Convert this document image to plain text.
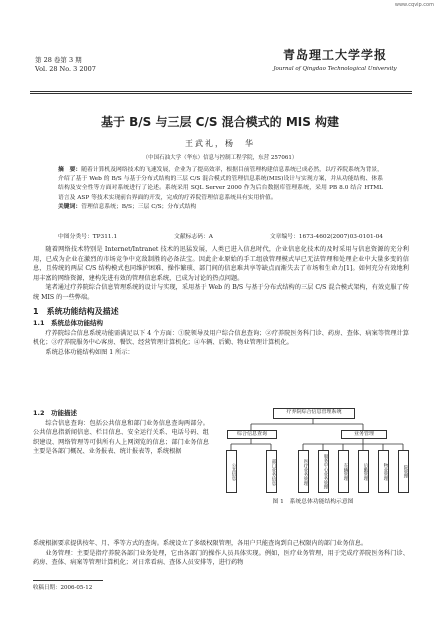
www.cqvip.com
第 28 卷第 3 期
Vol. 28 No. 3 2007
青岛理工大学学报
Journal of Qingdao Technological University
基于 B/S 与三层 C/S 混合模式的 MIS 构建
王武礼，杨　华
（中国石油大学（华东）信息与控制工程学院，东营 257061）
摘　要：随着计算机及网络技术的飞速发展，企业为了提高效率，根据目前管理构建信息系统已成必然，以疗养院系统为背景，介绍了基于 Web 的 B/S 与基于分布式结构的三层 C/S 混合模式的管理信息系统(MIS)设计与实现方案，并从功能结构、体系结构及安全性等方面对系统进行了论述。系统采用 SQL Server 2000 作为后台数据库管理系统，采用 PB 8.0 结合 HTML 语言及 ASP 等技术实现前台界面的开发，完成的疗养院管理信息系统具有实用价值。
关键词：管理信息系统；B/S；三层 C/S；分布式结构
中图分类号：TP311.1	文献标志码：A	文章编号：1673-4602(2007)03-0101-04

随着网络技术特别是 Internet/Intranet 技术的迅猛发展，人类已进入信息时代，企业信息化技术的及时采用与信息资源的充分利用，已成为企业在激烈的市场竞争中克敌制胜的必备法宝。因此企业原始的手工组放管理模式早已无法管理和处理企业中大量多变的信息，且传统的两层 C/S 结构模式也同维护困难、操作繁琐、部门间的信息难共享等缺点而渐失去了市场和生命力[1]。如何充分有效地利用丰富的网络资源，建构先进有效的管理信息系统，已成为讨论的热点问题。

笔者通过疗养院综合信息管理系统的设计与实现，采用基于 Web 的 B/S 与基于分布式结构的三层 C/S 混合模式架构，有效克服了传统 MIS 的一些弊端。

1　系统功能结构及描述

1.1　系统总体功能结构

疗养院综合信息系统功能需满足以下 4 个方面：①院领导及用户综合信息查询；②疗养院医务科门诊、药房、查体、病案等管理计算机化；③疗养院服务中心客房、餐饮、经营管理计算机化；④车辆、后勤、物业管理计算机化。

系统总体功能结构如图 1 所示：

1.2　功能描述

综合信息查询：包括公共信息和部门业务信息查询两部分。公共信息指新闻信息、栏目信息、安全运行关系、电话号码、组织建设、网络管理等可供所有人上网浏览的信息；部门业务信息主要是各部门概况、业务报表、统计报表等，系统根据

疗养院综合信息管理系统
综合信息查询	业务管理
公共信息	部门业务信息	医疗业务管理	服务中心业务管理	车辆管理	后勤管理	物业管理	院管理
图 1　系统总体功能结构示意图

系统根据要求提供按年、月、季等方式的查询。系统设立了多级权限管理，各用户只能查询到自己权限内的部门业务信息。

业务管理：主要是指疗养院各部门业务处理，它由各部门的操作人员具体实现。例如，医疗业务管理，用于完成疗养院医务科门诊、药房、查体、病案等管理计算机化；对日常看病、查体人员安排等，进行药物

收稿日期：2006-05-12
